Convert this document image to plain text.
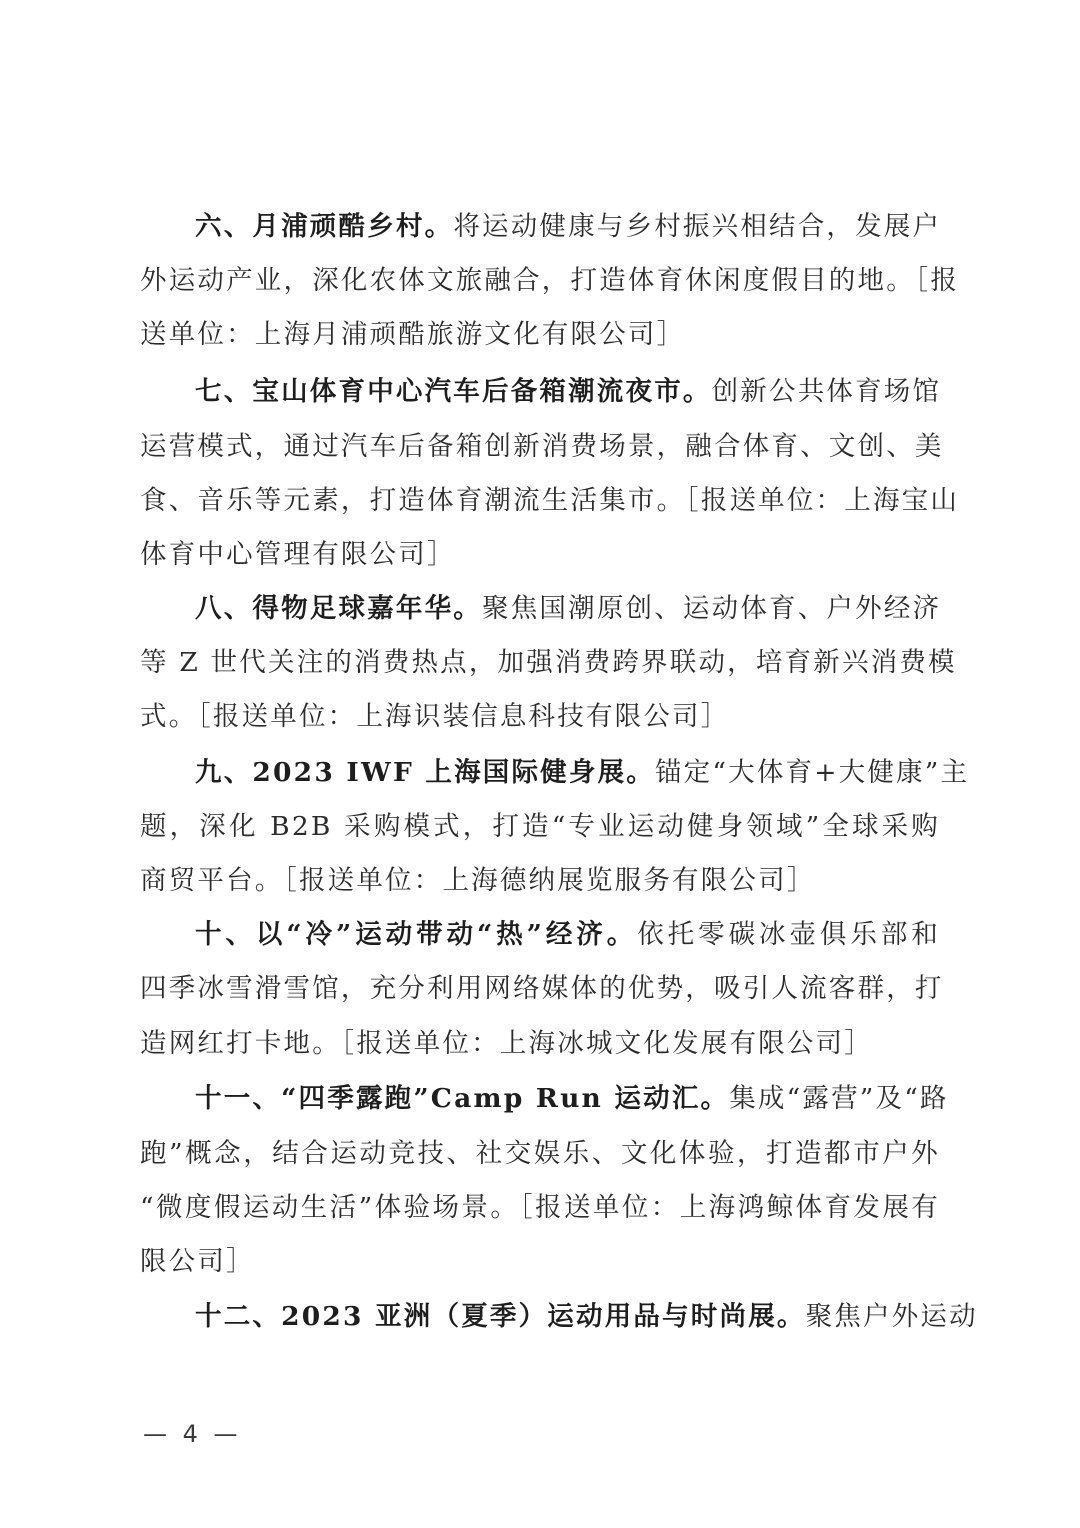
六、月浦顽酷乡村。将运动健康与乡村振兴相结合，发展户
外运动产业，深化农体文旅融合，打造体育休闲度假目的地。［报
送单位：上海月浦顽酷旅游文化有限公司］
七、宝山体育中心汽车后备箱潮流夜市。创新公共体育场馆
运营模式，通过汽车后备箱创新消费场景，融合体育、文创、美
食、音乐等元素，打造体育潮流生活集市。［报送单位：上海宝山
体育中心管理有限公司］
八、得物足球嘉年华。聚焦国潮原创、运动体育、户外经济
等 Z 世代关注的消费热点，加强消费跨界联动，培育新兴消费模
式。［报送单位：上海识装信息科技有限公司］
九、2023 IWF 上海国际健身展。锚定“大体育+大健康”主
题，深化 B2B 采购模式，打造“专业运动健身领域”全球采购
商贸平台。［报送单位：上海德纳展览服务有限公司］
十、以“冷”运动带动“热”经济。依托零碳冰壶俱乐部和
四季冰雪滑雪馆，充分利用网络媒体的优势，吸引人流客群，打
造网红打卡地。［报送单位：上海冰城文化发展有限公司］
十一、“四季露跑”Camp Run 运动汇。集成“露营”及“路
跑”概念，结合运动竞技、社交娱乐、文化体验，打造都市户外
“微度假运动生活”体验场景。［报送单位：上海鸿鲸体育发展有
限公司］
十二、2023 亚洲（夏季）运动用品与时尚展。聚焦户外运动
— 4 —
